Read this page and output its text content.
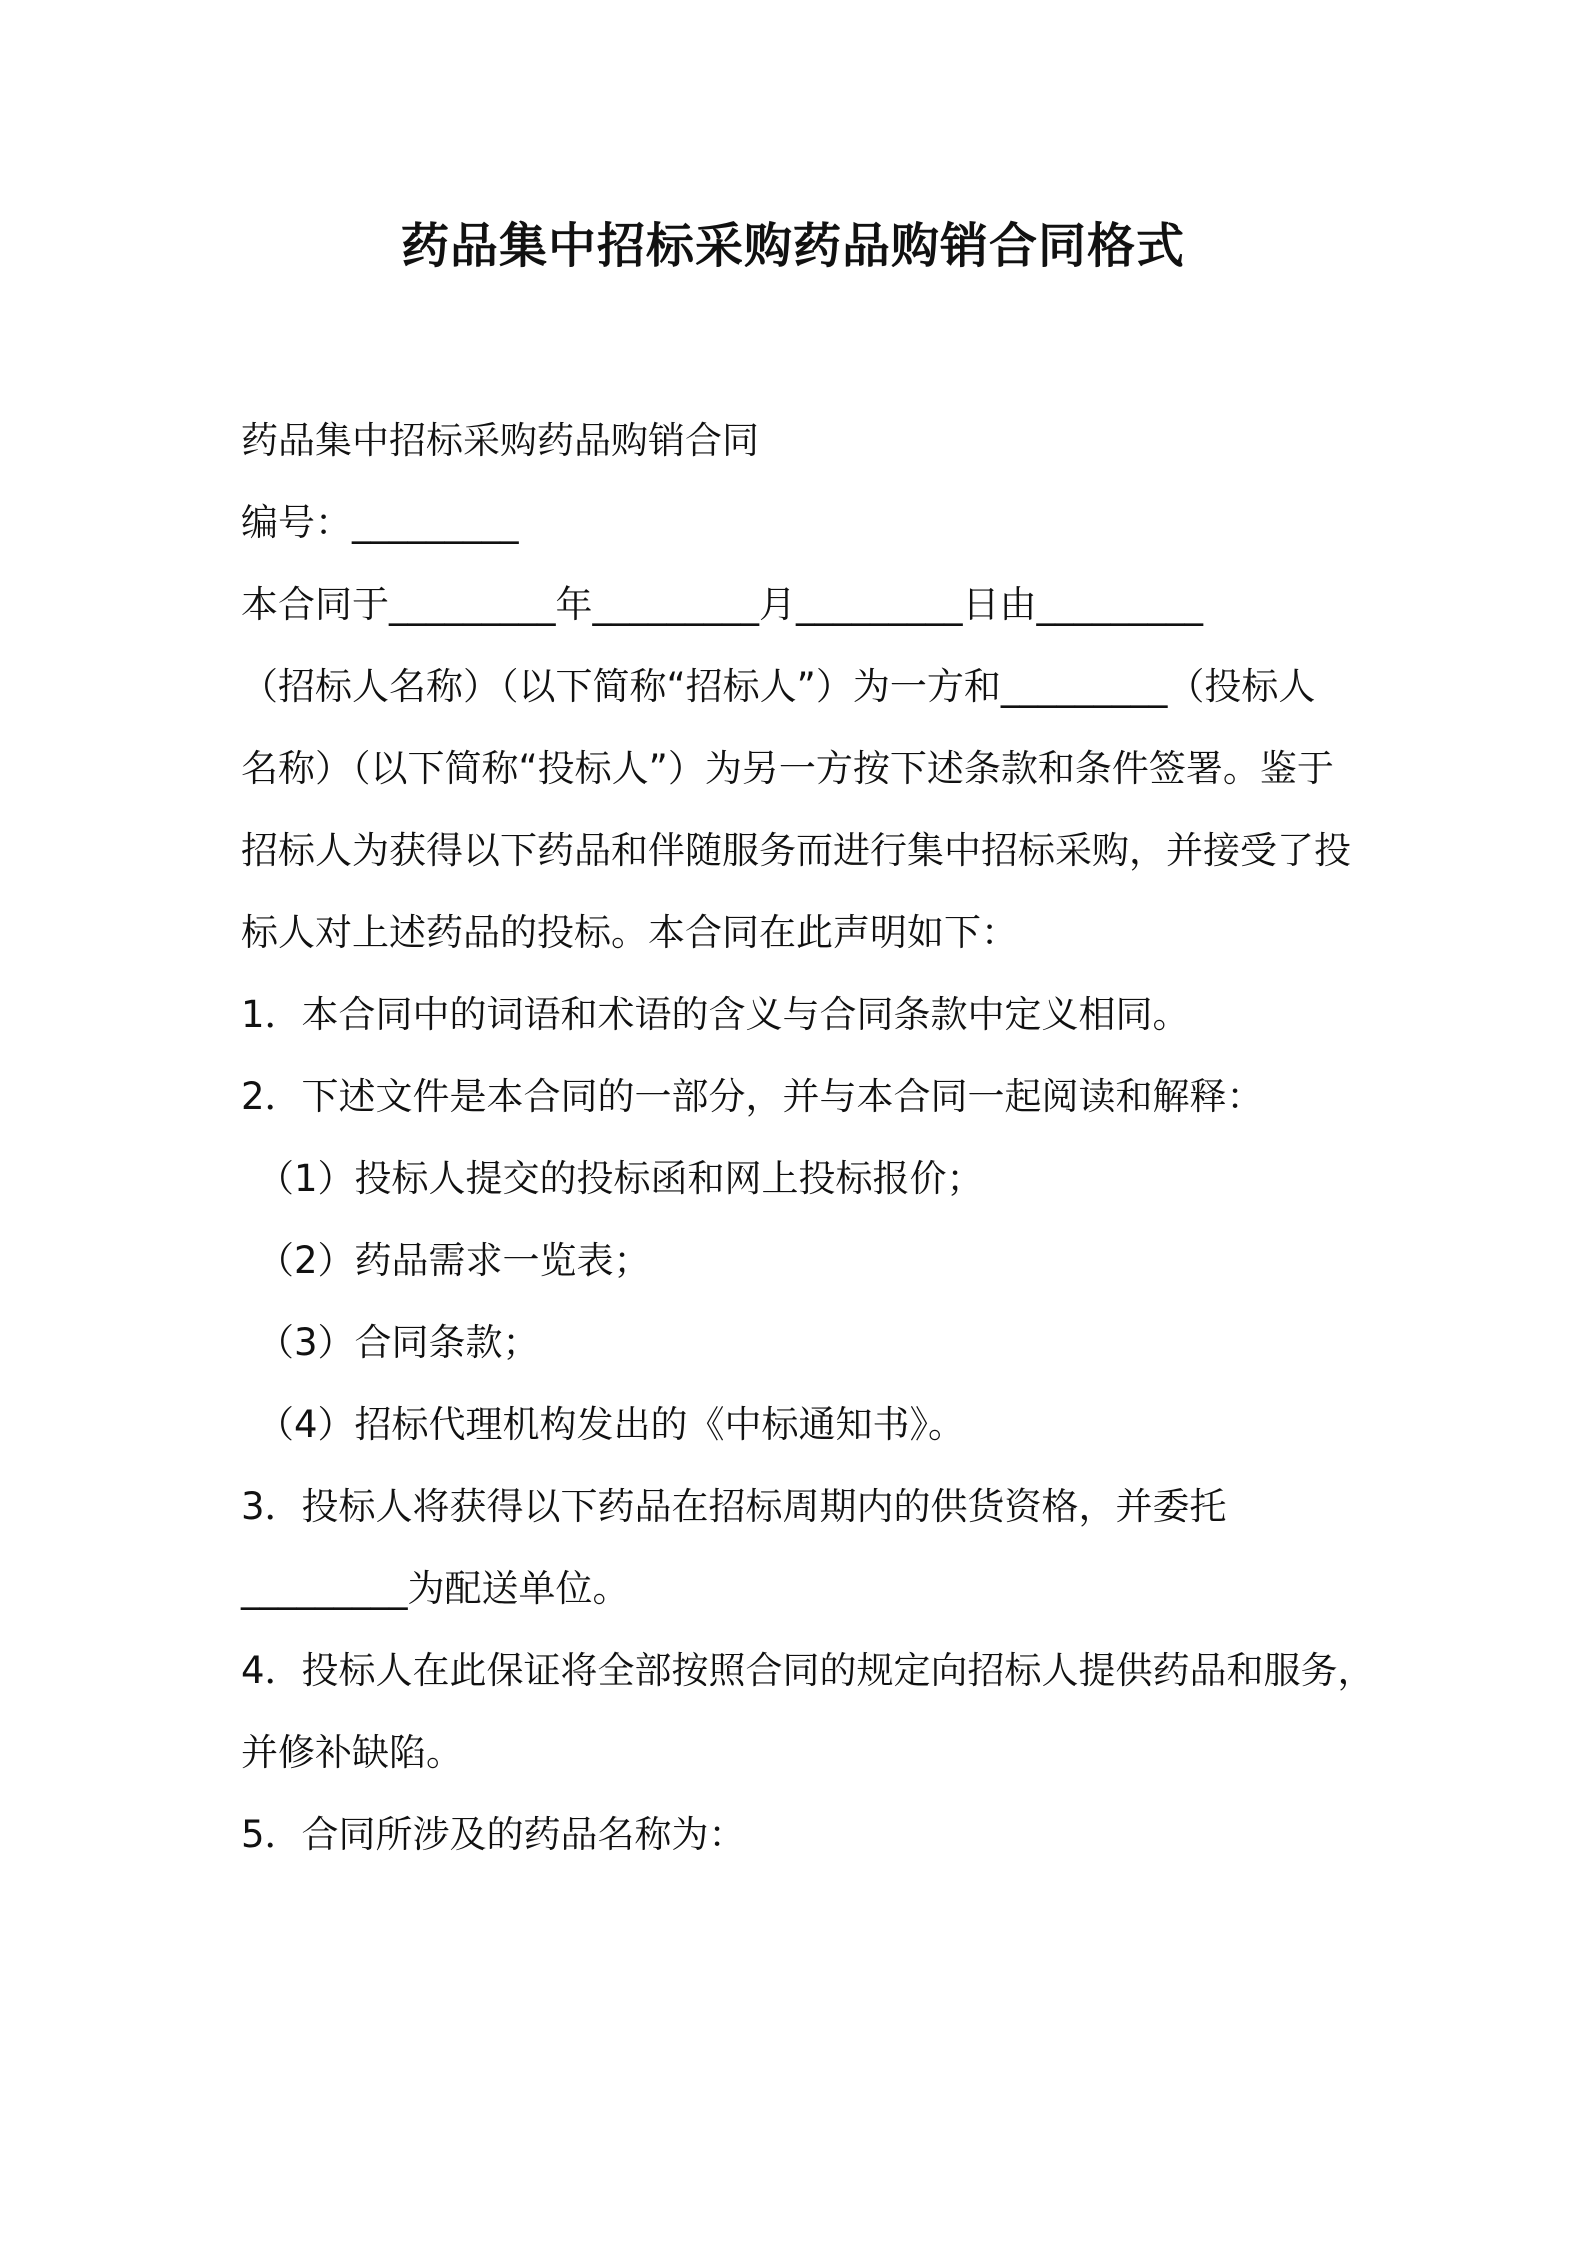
药品集中招标采购药品购销合同格式
药品集中招标采购药品购销合同
编号：_________
本合同于_________年_________月_________日由_________
（招标人名称）（以下简称“招标人”）为一方和_________（投标人
名称）（以下简称“投标人”）为另一方按下述条款和条件签署。鉴于
招标人为获得以下药品和伴随服务而进行集中招标采购，并接受了投
标人对上述药品的投标。本合同在此声明如下：
1．本合同中的词语和术语的含义与合同条款中定义相同。
2．下述文件是本合同的一部分，并与本合同一起阅读和解释：
（1）投标人提交的投标函和网上投标报价；
（2）药品需求一览表；
（3）合同条款；
（4）招标代理机构发出的《中标通知书》。
3．投标人将获得以下药品在招标周期内的供货资格，并委托
_________为配送单位。
4．投标人在此保证将全部按照合同的规定向招标人提供药品和服务，
并修补缺陷。
5．合同所涉及的药品名称为：
